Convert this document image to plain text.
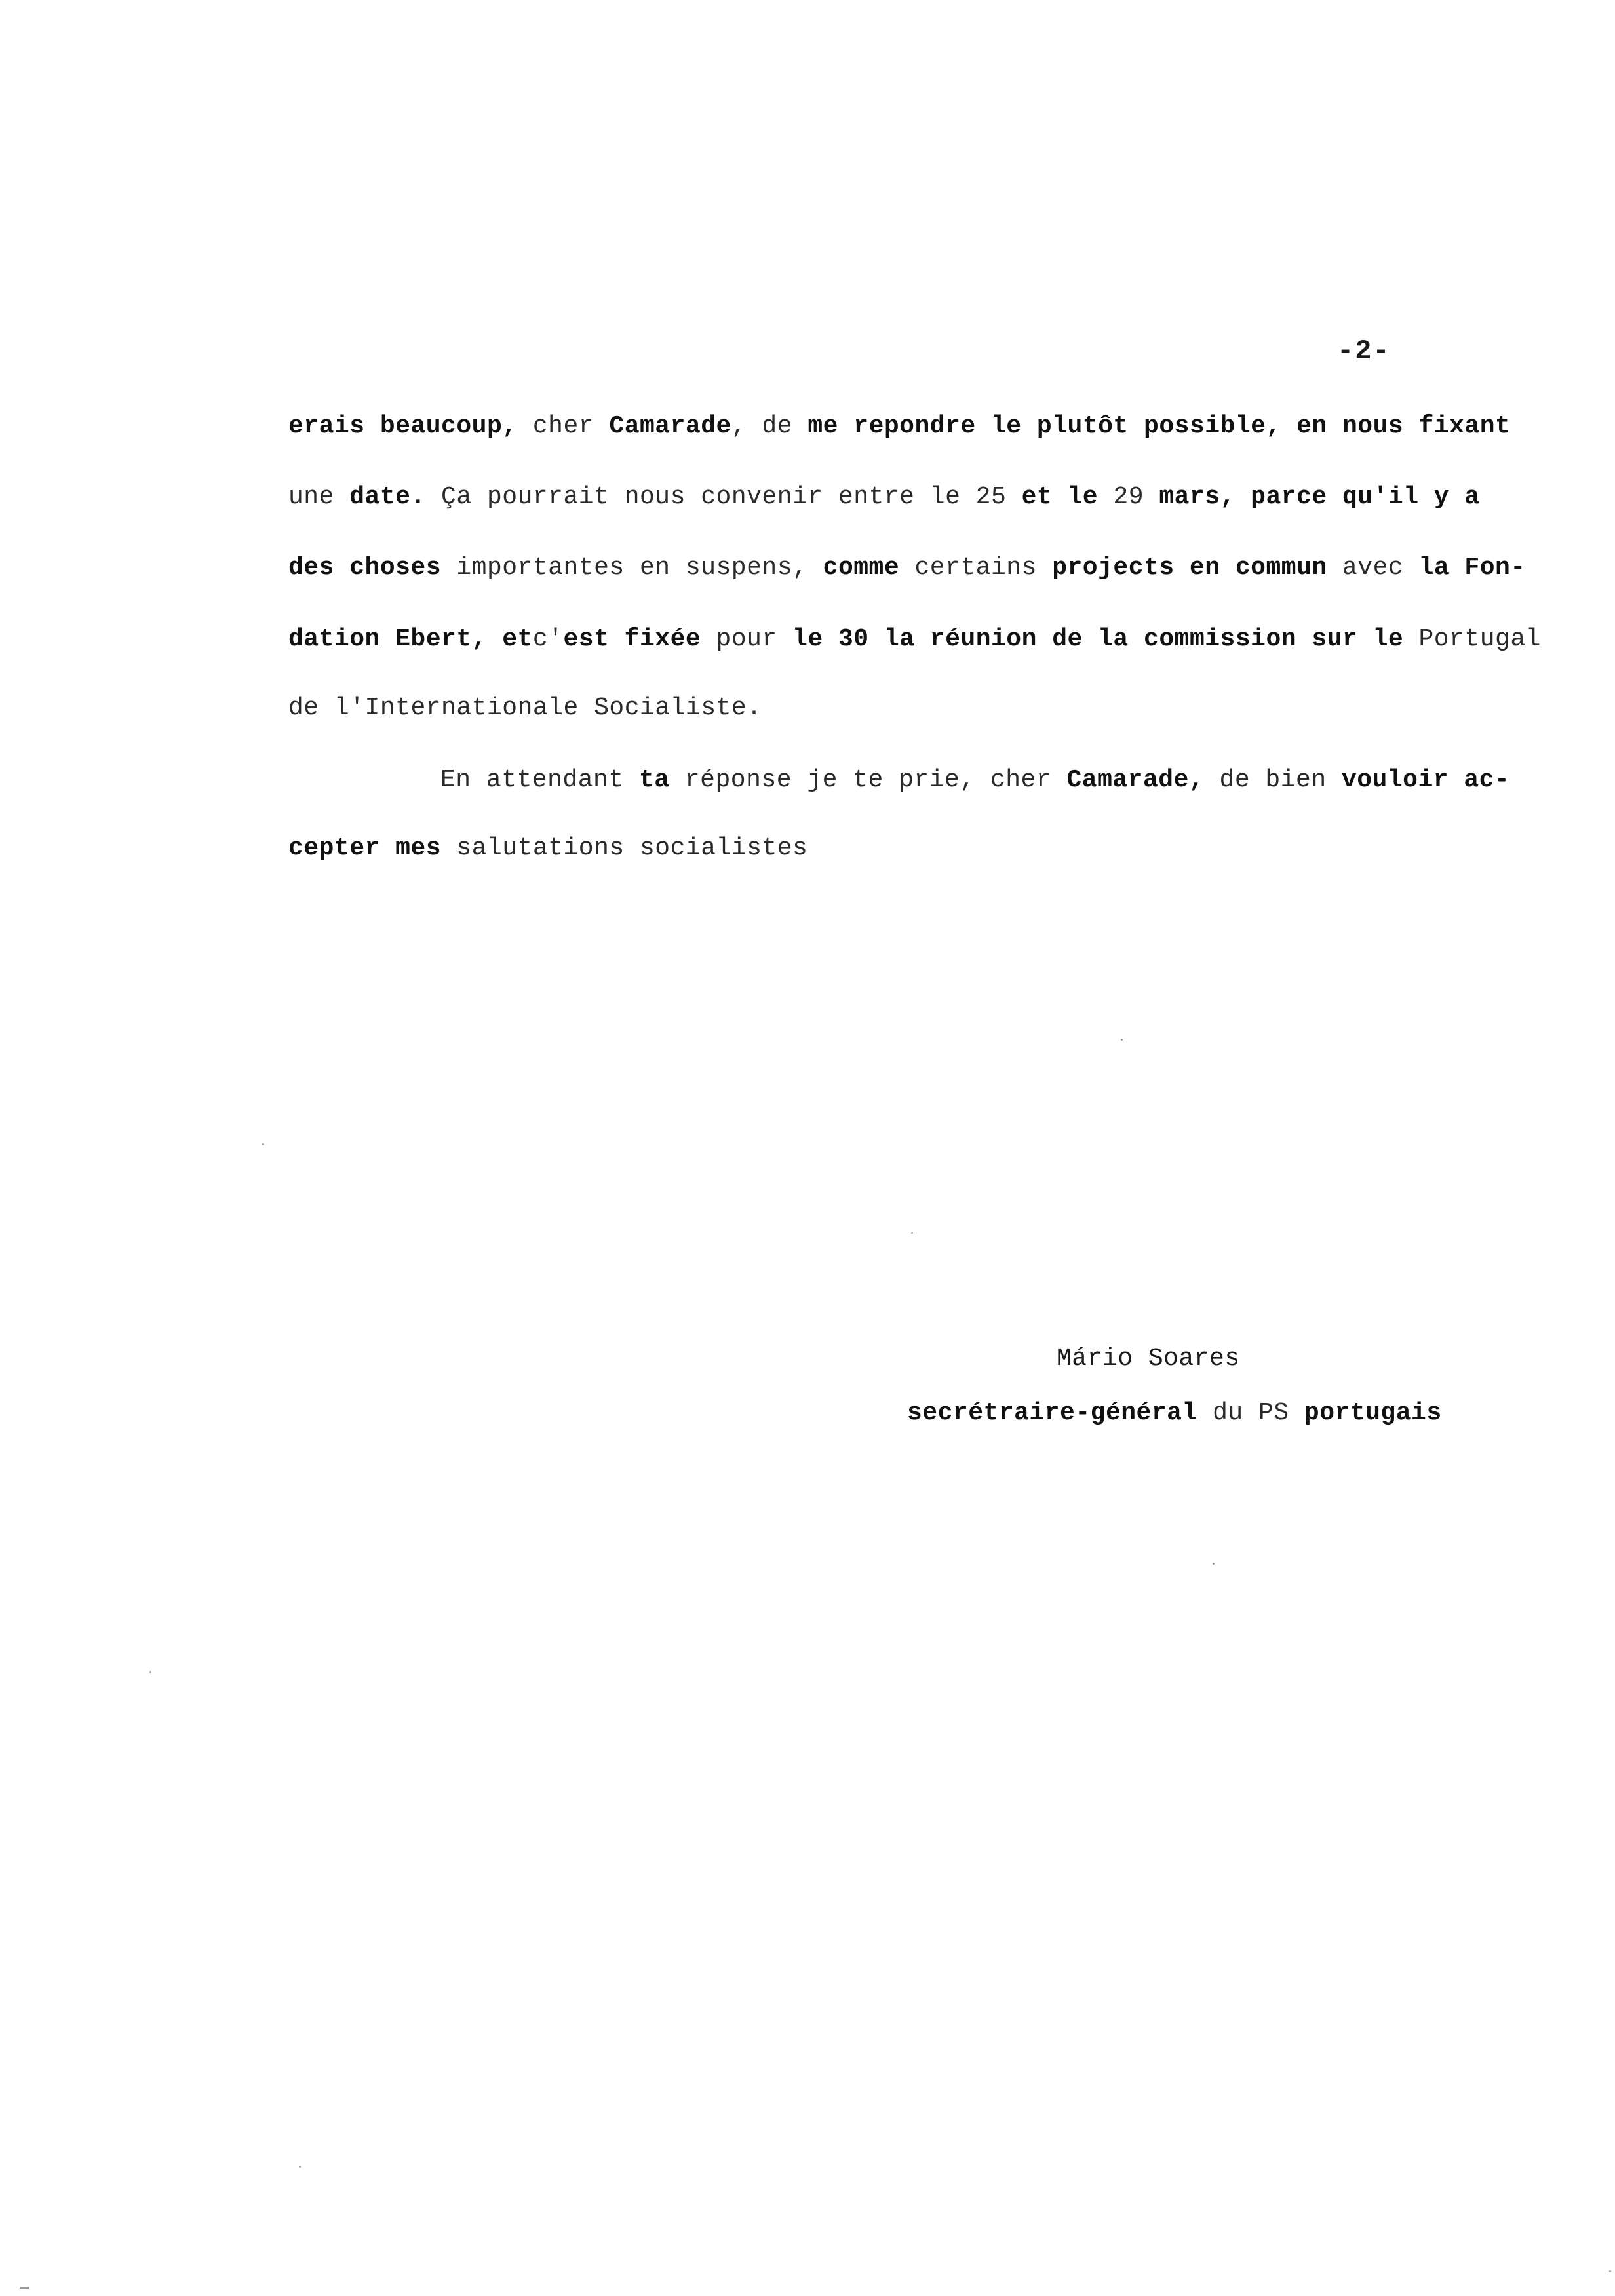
-2-
erais beaucoup, cher Camarade, de me repondre le plutôt possible, en nous fixant
une date. Ça pourrait nous convenir entre le 25 et le 29 mars, parce qu'il y a
des choses importantes en suspens, comme certains projects en commun avec la Fon-
dation Ebert, etc'est fixée pour le 30 la réunion de la commission sur le Portugal
de l'Internationale Socialiste.
En attendant ta réponse je te prie, cher Camarade, de bien vouloir ac-
cepter mes salutations socialistes
Mário Soares
secrétraire-général du PS portugais
